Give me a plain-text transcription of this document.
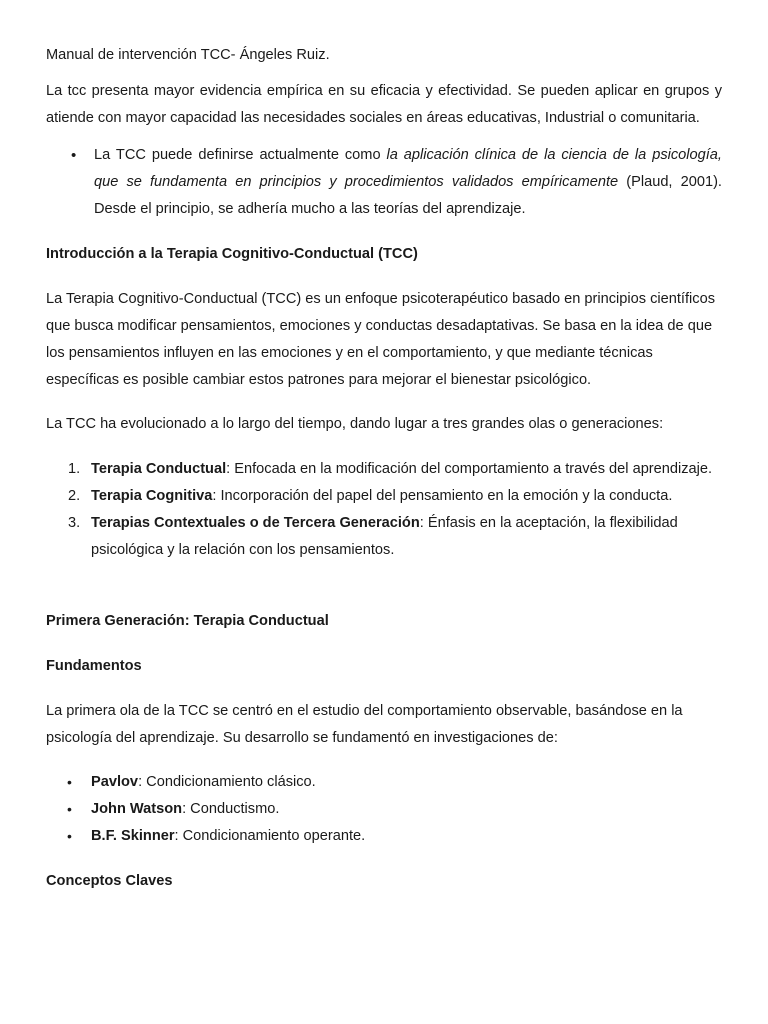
Manual de intervención TCC- Ángeles Ruiz.

La tcc presenta mayor evidencia empírica en su eficacia y efectividad. Se pueden aplicar en grupos y atiende con mayor capacidad las necesidades sociales en áreas educativas, Industrial o comunitaria.

•	La TCC puede definirse actualmente como la aplicación clínica de la ciencia de la psicología, que se fundamenta en principios y procedimientos validados empíricamente (Plaud, 2001). Desde el principio, se adhería mucho a las teorías del aprendizaje.

Introducción a la Terapia Cognitivo-Conductual (TCC)

La Terapia Cognitivo-Conductual (TCC) es un enfoque psicoterapéutico basado en principios científicos que busca modificar pensamientos, emociones y conductas desadaptativas. Se basa en la idea de que los pensamientos influyen en las emociones y en el comportamiento, y que mediante técnicas específicas es posible cambiar estos patrones para mejorar el bienestar psicológico.

La TCC ha evolucionado a lo largo del tiempo, dando lugar a tres grandes olas o generaciones:

1. Terapia Conductual: Enfocada en la modificación del comportamiento a través del aprendizaje.

2. Terapia Cognitiva: Incorporación del papel del pensamiento en la emoción y la conducta.

3. Terapias Contextuales o de Tercera Generación: Énfasis en la aceptación, la flexibilidad psicológica y la relación con los pensamientos.

Primera Generación: Terapia Conductual

Fundamentos

La primera ola de la TCC se centró en el estudio del comportamiento observable, basándose en la psicología del aprendizaje. Su desarrollo se fundamentó en investigaciones de:

• Pavlov: Condicionamiento clásico.

• John Watson: Conductismo.

• B.F. Skinner: Condicionamiento operante.

Conceptos Claves
